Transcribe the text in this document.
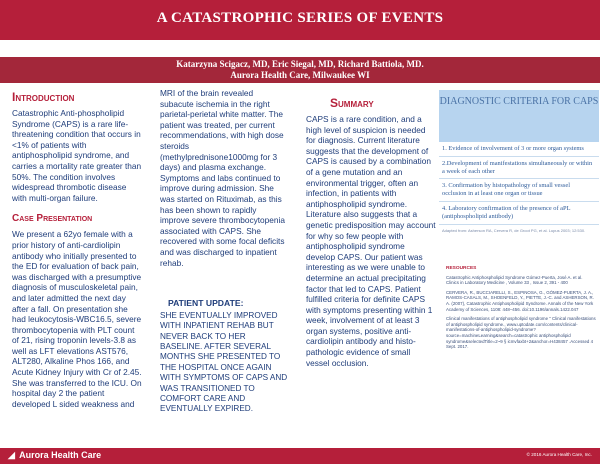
A CATASTROPHIC SERIES OF EVENTS
Katarzyna Scigacz, MD, Eric Siegal, MD, Richard Battiola, MD.
Aurora Health Care, Milwaukee WI
Introduction

Catastrophic Anti-phospholipid Syndrome (CAPS) is a rare life-threatening condition that occurs in <1% of patients with antiphospholipid syndrome, and carries a mortality rate greater than 50%. The condition involves widespread thrombotic disease with multi-organ failure.

Case Presentation

We present a 62yo female with a prior history of anti-cardiolipin antibody who initially presented to the ED for evaluation of back pain, was discharged with a presumptive diagnosis of musculoskeletal pain, and later admitted the next day after a fall. On presentation she had leukocytosis-WBC16.5, severe thrombocytopenia with PLT count of 21, rising troponin levels-3.8 as well as LFT elevations AST576, ALT280, Alkaline Phos 166, and Acute Kidney Injury with Cr of 2.45. She was transferred to the ICU. On hospital day 2 the patient developed L sided weakness and

MRI of the brain revealed subacute ischemia in the right parietal-perietal white matter. The patient was treated, per current recommendations, with high dose steroids (methylprednisone1000mg for 3 days) and plasma exchange. Symptoms and labs continued to improve during admission. She was started on Rituximab, as this has been shown to rapidly improve severe thrombocytopenia associated with CAPS. She recovered with some focal deficits and was discharged to inpatient rehab.

PATIENT UPDATE:

SHE EVENTUALLY IMPROVED WITH INPATIENT REHAB BUT NEVER BACK TO HER BASELINE. AFTER SEVERAL MONTHS SHE PRESENTED TO THE HOSPITAL ONCE AGAIN WITH SYMPTOMS OF CAPS AND WAS TRANSITIONED TO COMFORT CARE AND EVENTUALLY EXPIRED.

Summary

CAPS is a rare condition, and a high level of suspicion is needed for diagnosis. Current literature suggests that the development of CAPS is caused by a combination of a gene mutation and an environmental trigger, often an infection, in patients with antiphospholipid syndrome. Literature also suggests that a genetic predisposition may account for why so few people with antiphospholipid syndrome develop CAPS. Our patient was interesting as we were unable to determine an actual precipitating factor that led to CAPS. Patient fulfilled criteria for definite CAPS with symptoms presenting within 1 week, involvement of at least 3 organ systems, positive anti-cardiolipin antibody and histo-pathologic evidence of small vessel occlusion.

DIAGNOSTIC CRITERIA FOR CAPS
1. Evidence of involvement of 3 or more organ systems
2.Development of manifestations simultaneously or within a week of each other
3. Confirmation by histopathology of small vessel occlusion in at least one organ or tissue
4. Laboratory confirmation of the presence of aPL (antiphospholipid antibody)
Adapted from: Asherson RA, Cervera R, de Groot PG, et al. Lupus 2003; 12:530.
RESOURCES

Catastrophic Antiphospholipid Syndrome Gómez-Puerta, José A. et al. Clinics in Laboratory Medicine , Volume 33 , Issue 2, 391 - 400

CERVERA, R., BUCCIARELLI, S., ESPINOSA, G., GÓMEZ-PUERTA, J. A., RAMOS-CASALS, M., SHOENFELD, Y., PIETTE, J.-C. and ASHERSON, R. A. (2007), Catastrophic Antiphospholipid Syndrome. Annals of the New York Academy of Sciences, 1108: 448–456. doi:10.1196/annals.1422.047

Clinical manifestations of antiphospholipid syndrome " Clinical manifestations of antiphospholipid syndrome., www.uptodate.com/contents/clinical-manifestations-of-antiphospholipid-syndrome?source=machineLearning&search=catastrophic antiphospholipid syndrome&selectedTitle=2~9 § icmvfaxbt+2&anchor=H438457 .Accessed 4 Sept. 2017.

◢ Aurora Health Care	© 2016 Aurora Health Care, Inc.
